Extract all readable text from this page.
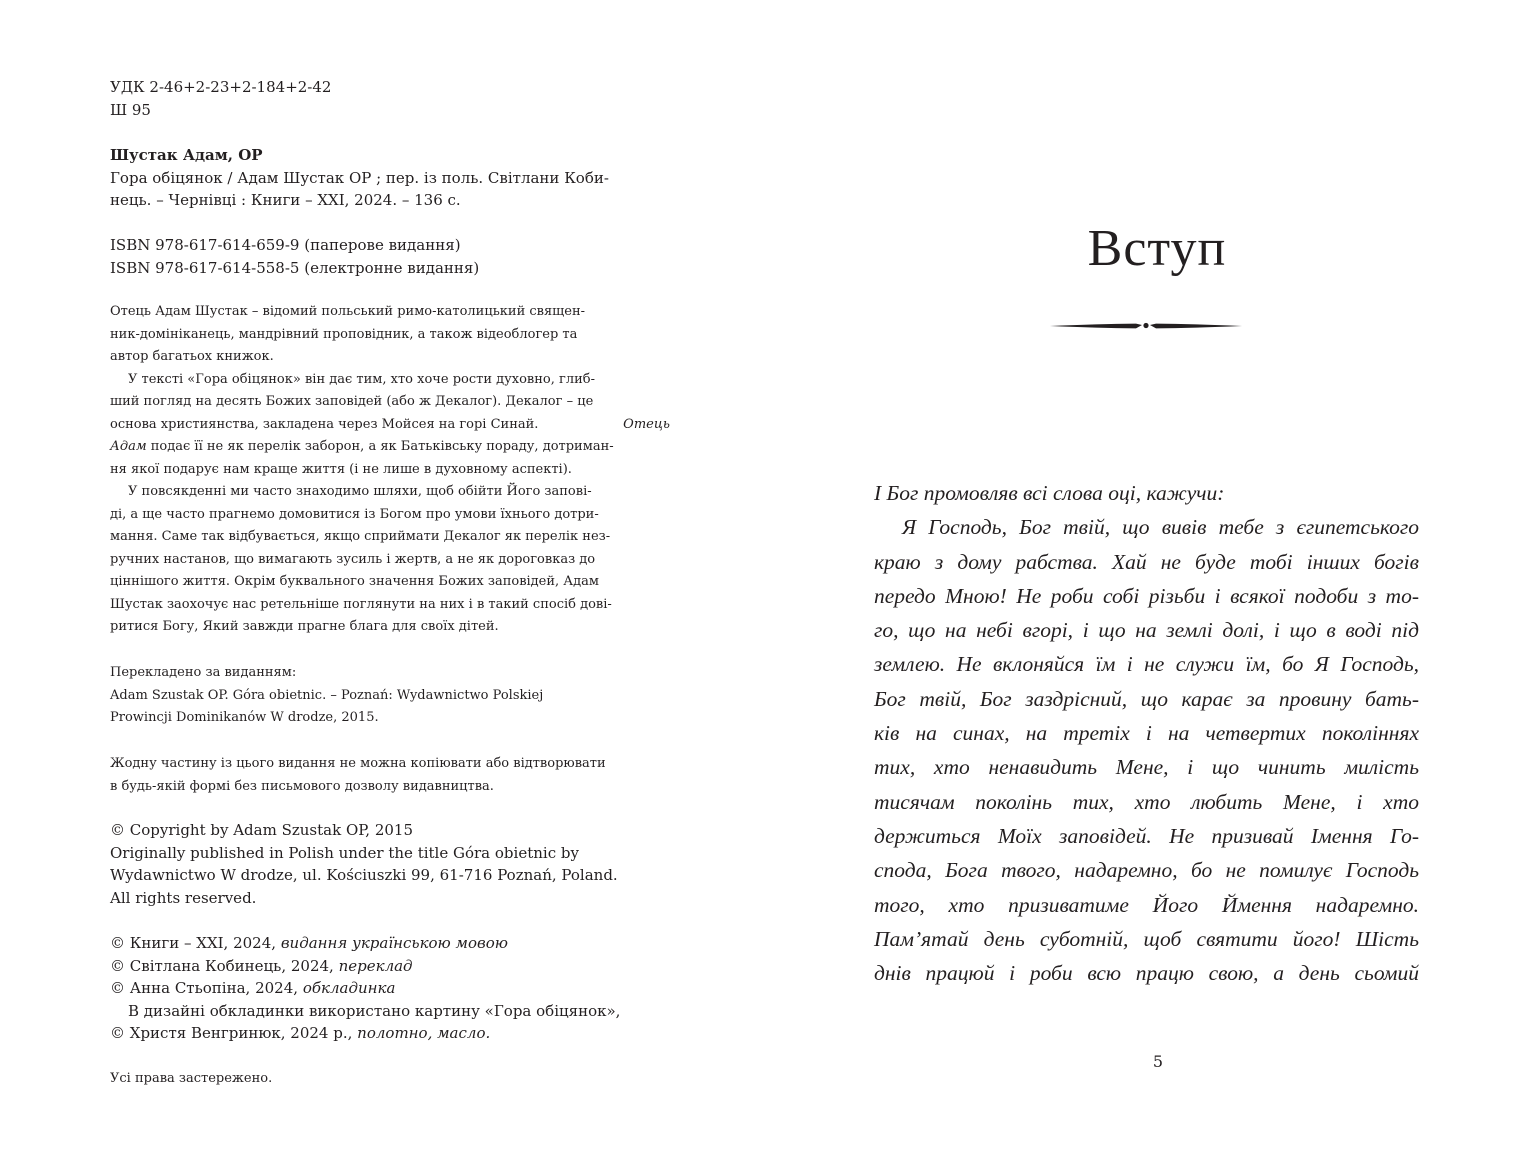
УДК 2-46+2-23+2-184+2-42
Ш 95
Шустак Адам, ОР
Гора обіцянок / Адам Шустак ОР ; пер. із поль. Світлани Коби-
нець. – Чернівці : Книги – ХХІ, 2024. – 136 с.
ISBN 978-617-614-659-9 (паперове видання)
ISBN 978-617-614-558-5 (електронне видання)
Отець Адам Шустак – відомий польський римо-католицький священ-
ник-домініканець, мандрівний проповідник, а також відеоблогер та
автор багатьох книжок.
У тексті «Гора обіцянок» він дає тим, хто хоче рости духовно, глиб-
ший погляд на десять Божих заповідей (або ж Декалог). Декалог – це
основа християнства, закладена через Мойсея на горі Синай.	Отець
Адам подає її не як перелік заборон, а як Батьківську пораду, дотриман-
ня якої подарує нам краще життя (і не лише в духовному аспекті).
У повсякденні ми часто знаходимо шляхи, щоб обійти Його запові-
ді, а ще часто прагнемо домовитися із Богом про умови їхнього дотри-
мання. Саме так відбувається, якщо сприймати Декалог як перелік нез-
ручних настанов, що вимагають зусиль і жертв, а не як дороговказ до
ціннішого життя. Окрім буквального значення Божих заповідей, Адам
Шустак заохочує нас ретельніше поглянути на них і в такий спосіб дові-
ритися Богу, Який завжди прагне блага для своїх дітей.
Перекладено за виданням:
Adam Szustak OP. Góra obietnic. – Poznań: Wydawnictwo Polskiej
Prowincji Dominikanów W drodze, 2015.
Жодну частину із цього видання не можна копіювати або відтворювати
в будь-якій формі без письмового дозволу видавництва.
© Copyright by Adam Szustak OP, 2015
Originally published in Polish under the title Góra obietnic by
Wydawnictwo W drodze, ul. Kościuszki 99, 61-716 Poznań, Poland.
All rights reserved.
© Книги – ХХІ, 2024, видання українською мовою
© Світлана Кобинець, 2024, переклад
© Анна Стьопіна, 2024, обкладинка
В дизайні обкладинки використано картину «Гора обіцянок»,
© Христя Венгринюк, 2024 р., полотно, масло.
Усі права застережено.
Вступ
І Бог промовляв всі слова оці, кажучи:
Я Господь, Бог твій, що вивів тебе з єгипетського
краю з дому рабства. Хай не буде тобі інших богів
передо Мною! Не роби собі різьби і всякої подоби з то-
го, що на небі вгорі, і що на землі долі, і що в воді під
землею. Не вклоняйся їм і не служи їм, бо Я Господь,
Бог твій, Бог заздрісний, що карає за провину бать-
ків на синах, на третіх і на четвертих поколіннях
тих, хто ненавидить Мене, і що чинить милість
тисячам поколінь тих, хто любить Мене, і хто
держиться Моїх заповідей. Не призивай Імення Го-
спода, Бога твого, надаремно, бо не помилує Господь
того, хто призиватиме Його Ймення надаремно.
Пам’ятай день суботній, щоб святити його! Шість
днів працюй і роби всю працю свою, а день сьомий
5
